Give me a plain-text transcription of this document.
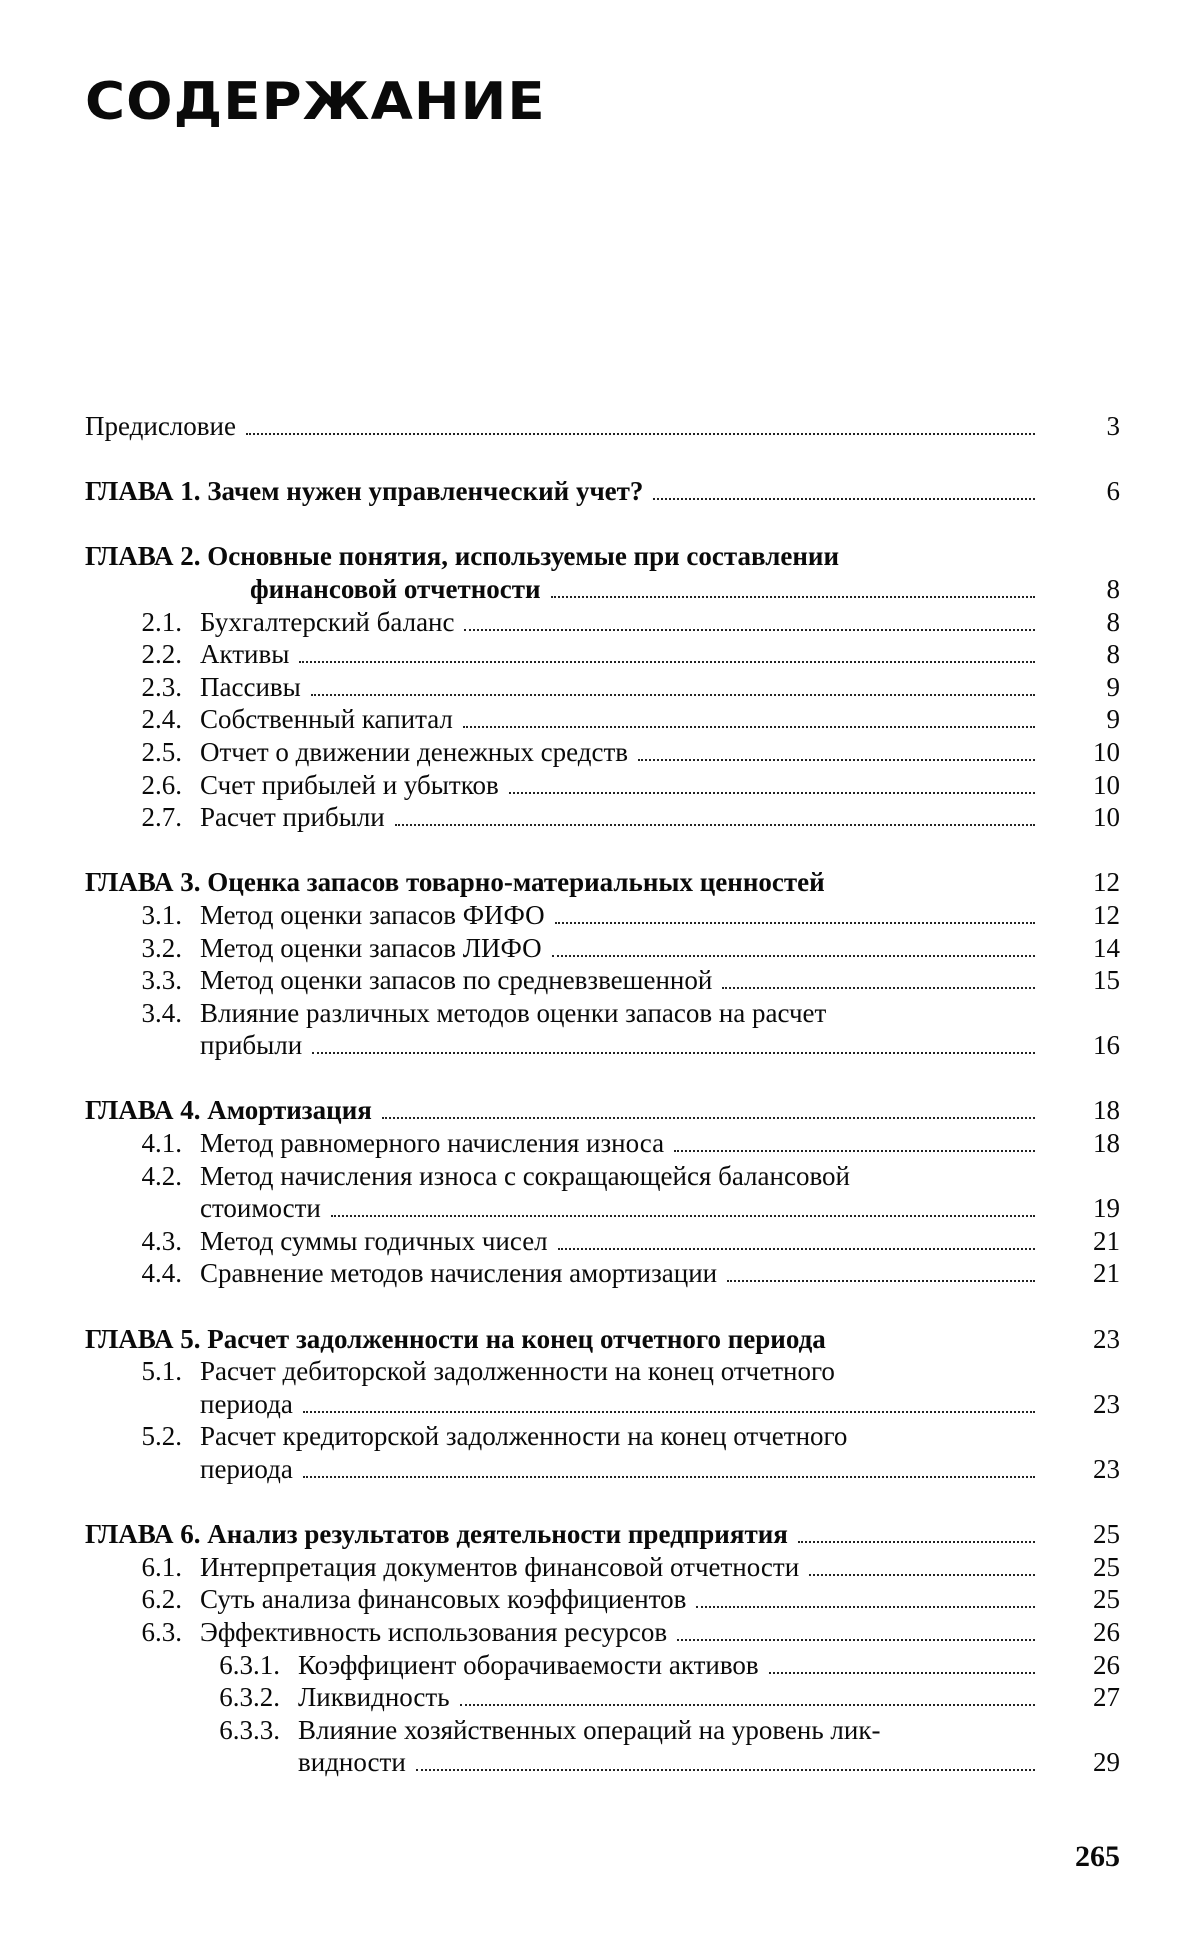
СОДЕРЖАНИЕ
Предисловие	3
ГЛАВА 1. Зачем нужен управленческий учет?	6
ГЛАВА 2. Основные понятия, используемые при составлении
финансовой отчетности	8
2.1. Бухгалтерский баланс	8
2.2. Активы	8
2.3. Пассивы	9
2.4. Собственный капитал	9
2.5. Отчет о движении денежных средств	10
2.6. Счет прибылей и убытков	10
2.7. Расчет прибыли	10
ГЛАВА 3. Оценка запасов товарно-материальных ценностей	12
3.1. Метод оценки запасов ФИФО	12
3.2. Метод оценки запасов ЛИФО	14
3.3. Метод оценки запасов по средневзвешенной	15
3.4. Влияние различных методов оценки запасов на расчет
прибыли	16
ГЛАВА 4. Амортизация	18
4.1. Метод равномерного начисления износа	18
4.2. Метод начисления износа с сокращающейся балансовой
стоимости	19
4.3. Метод суммы годичных чисел	21
4.4. Сравнение методов начисления амортизации	21
ГЛАВА 5. Расчет задолженности на конец отчетного периода	23
5.1. Расчет дебиторской задолженности на конец отчетного
периода	23
5.2. Расчет кредиторской задолженности на конец отчетного
периода	23
ГЛАВА 6. Анализ результатов деятельности предприятия	25
6.1. Интерпретация документов финансовой отчетности	25
6.2. Суть анализа финансовых коэффициентов	25
6.3. Эффективность использования ресурсов	26
6.3.1. Коэффициент оборачиваемости активов	26
6.3.2. Ликвидность	27
6.3.3. Влияние хозяйственных операций на уровень лик-
видности	29
265
